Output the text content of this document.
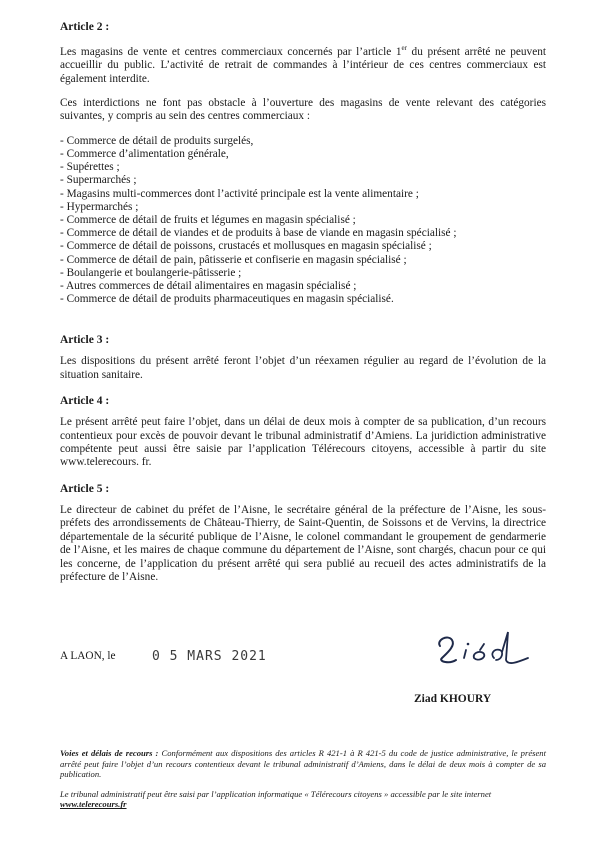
Article 2 :

Les magasins de vente et centres commerciaux concernés par l’article 1er du présent arrêté ne peuvent accueillir du public. L’activité de retrait de commandes à l’intérieur de ces centres commerciaux est également interdite.

Ces interdictions ne font pas obstacle à l’ouverture des magasins de vente relevant des catégories suivantes, y compris au sein des centres commerciaux :

- Commerce de détail de produits surgelés,
- Commerce d’alimentation générale,
- Supérettes ;
- Supermarchés ;
- Magasins multi-commerces dont l’activité principale est la vente alimentaire ;
- Hypermarchés ;
- Commerce de détail de fruits et légumes en magasin spécialisé ;
- Commerce de détail de viandes et de produits à base de viande en magasin spécialisé ;
- Commerce de détail de poissons, crustacés et mollusques en magasin spécialisé ;
- Commerce de détail de pain, pâtisserie et confiserie en magasin spécialisé ;
- Boulangerie et boulangerie-pâtisserie ;
- Autres commerces de détail alimentaires en magasin spécialisé ;
- Commerce de détail de produits pharmaceutiques en magasin spécialisé.
Article 3 :

Les dispositions du présent arrêté feront l’objet d’un réexamen régulier au regard de l’évolution de la situation sanitaire.

Article 4 :

Le présent arrêté peut faire l’objet, dans un délai de deux mois à compter de sa publication, d’un recours contentieux pour excès de pouvoir devant le tribunal administratif d’Amiens. La juridiction administrative compétente peut aussi être saisie par l’application Télérecours citoyens, accessible à partir du site www.telerecours. fr.

Article 5 :

Le directeur de cabinet du préfet de l’Aisne, le secrétaire général de la préfecture de l’Aisne, les sous-préfets des arrondissements de Château-Thierry, de Saint-Quentin, de Soissons et de Vervins, la directrice départementale de la sécurité publique de l’Aisne, le colonel commandant le groupement de gendarmerie de l’Aisne, et les maires de chaque commune du département de l’Aisne, sont chargés, chacun pour ce qui les concerne, de l’application du présent arrêté qui sera publié au recueil des actes administratifs de la préfecture de l’Aisne.

A LAON, le	0 5 MARS 2021
Ziad KHOURY

Voies et délais de recours : Conformément aux dispositions des articles R 421-1 à R 421-5 du code de justice administrative, le présent arrêté peut faire l’objet d’un recours contentieux devant le tribunal administratif d’Amiens, dans le délai de deux mois à compter de sa publication.

Le tribunal administratif peut être saisi par l’application informatique « Télérecours citoyens » accessible par le site internet

www.telerecours.fr
